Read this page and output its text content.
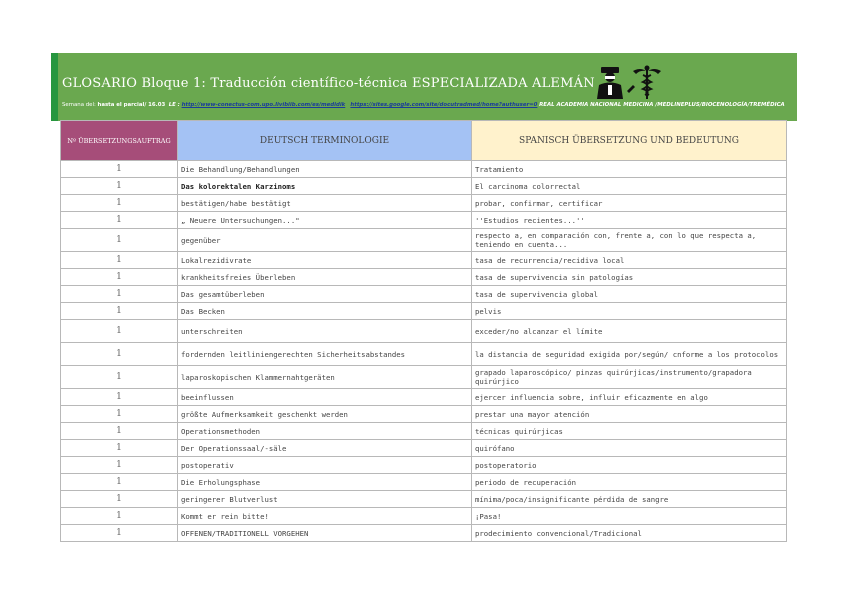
GLOSARIO Bloque 1: Traducción científico-técnica ESPECIALIZADA ALEMÁN
Semana del: hasta el parcial/ 16.03 LE : http://www-conectus-com.upo.livibiib.com/es/medidik https://sites.google.com/site/docutradmed/home?authuser=0 REAL ACADEMIA NACIONAL MEDICINA /MEDLINEPLUS/BIOCENOLOGÍA/TREMÉDICA
Nº ÜBERSETZUNGSAUFTRAG	DEUTSCH TERMINOLOGIE	SPANISCH ÜBERSETZUNG UND BEDEUTUNG
1	Die Behandlung/Behandlungen	Tratamiento
1	Das kolorektalen Karzinoms	El carcinoma colorrectal
1	bestätigen/habe bestätigt	probar, confirmar, certificar
1	„ Neuere Untersuchungen..."	''Estudios recientes...''
1	gegenüber	respecto a, en comparación con, frente a, con lo que respecta a, teniendo en cuenta...
1	Lokalrezidivrate	tasa de recurrencia/recidiva local
1	krankheitsfreies Überleben	tasa de supervivencia sin patologías
1	Das gesamtüberleben	tasa de supervivencia global
1	Das Becken	pelvis
1	unterschreiten	exceder/no alcanzar el límite
1	fordernden leitliniengerechten Sicherheitsabstandes	la distancia de seguridad exigida por/según/ cnforme a los protocolos
1	laparoskopischen Klammernahtgeräten	grapado laparoscópico/ pinzas quirúrjicas/instrumento/grapadora quirúrjico
1	beeinflussen	ejercer influencia sobre, influir eficazmente en algo
1	größte Aufmerksamkeit geschenkt werden	prestar una mayor atención
1	Operationsmethoden	técnicas quirúrjicas
1	Der Operationssaal/-säle	quirófano
1	postoperativ	postoperatorio
1	Die Erholungsphase	periodo de recuperación
1	geringerer Blutverlust	mínima/poca/insignificante pérdida de sangre
1	Kommt er rein bitte!	¡Pasa!
1	OFFENEN/TRADITIONELL VORGEHEN	prodecimiento convencional/Tradicional
